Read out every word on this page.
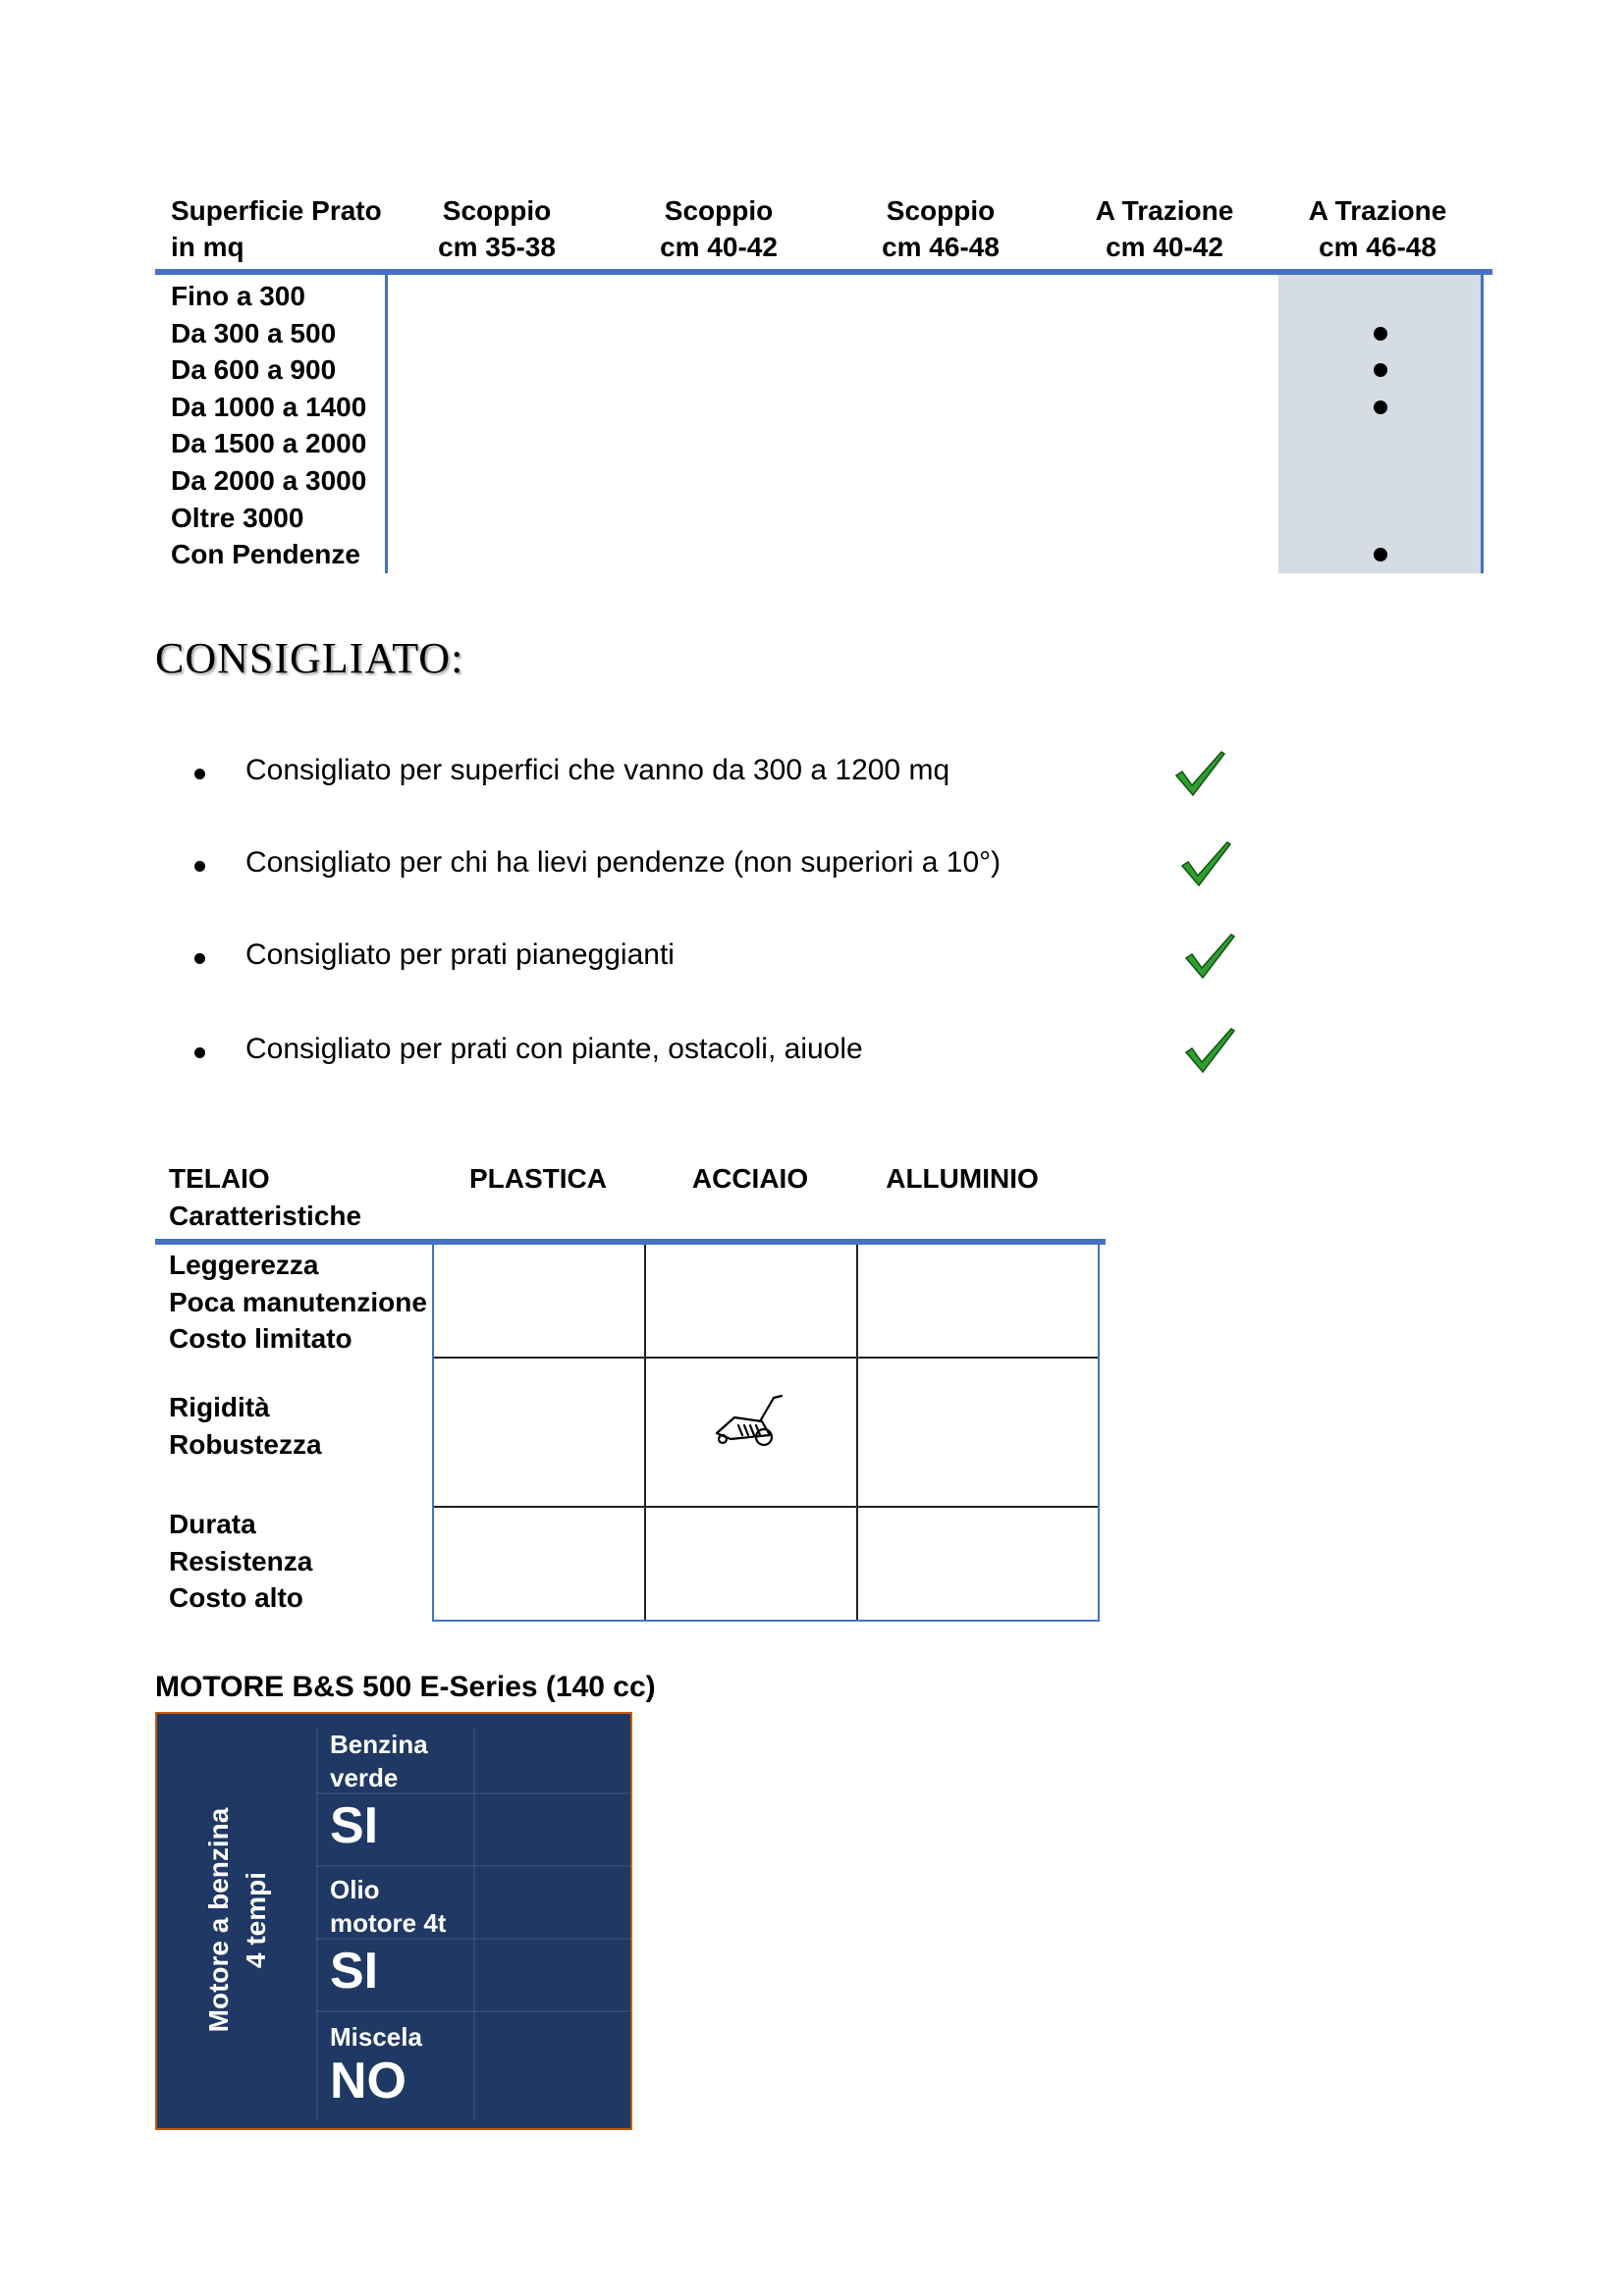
Superficie Prato
in mq
Scoppio
cm 35-38
Scoppio
cm 40-42
Scoppio
cm 46-48
A Trazione
cm 40-42
A Trazione
cm 46-48
Fino a 300
Da 300 a 500
Da 600 a 900
Da 1000 a 1400
Da 1500 a 2000
Da 2000 a 3000
Oltre 3000
Con Pendenze
CONSIGLIATO:
Consigliato per superfici che vanno da 300 a 1200 mq
Consigliato per chi ha lievi pendenze (non superiori a 10°)
Consigliato per prati pianeggianti
Consigliato per prati con piante, ostacoli, aiuole
TELAIO
Caratteristiche
PLASTICA	ACCIAIO	ALLUMINIO
Leggerezza
Poca manutenzione
Costo limitato
Rigidità
Robustezza
Durata
Resistenza
Costo alto
MOTORE B&S 500 E-Series (140 cc)
Motore a benzina 4 tempi
Benzina
verde
SI
Olio
motore 4t
SI
Miscela
NO
